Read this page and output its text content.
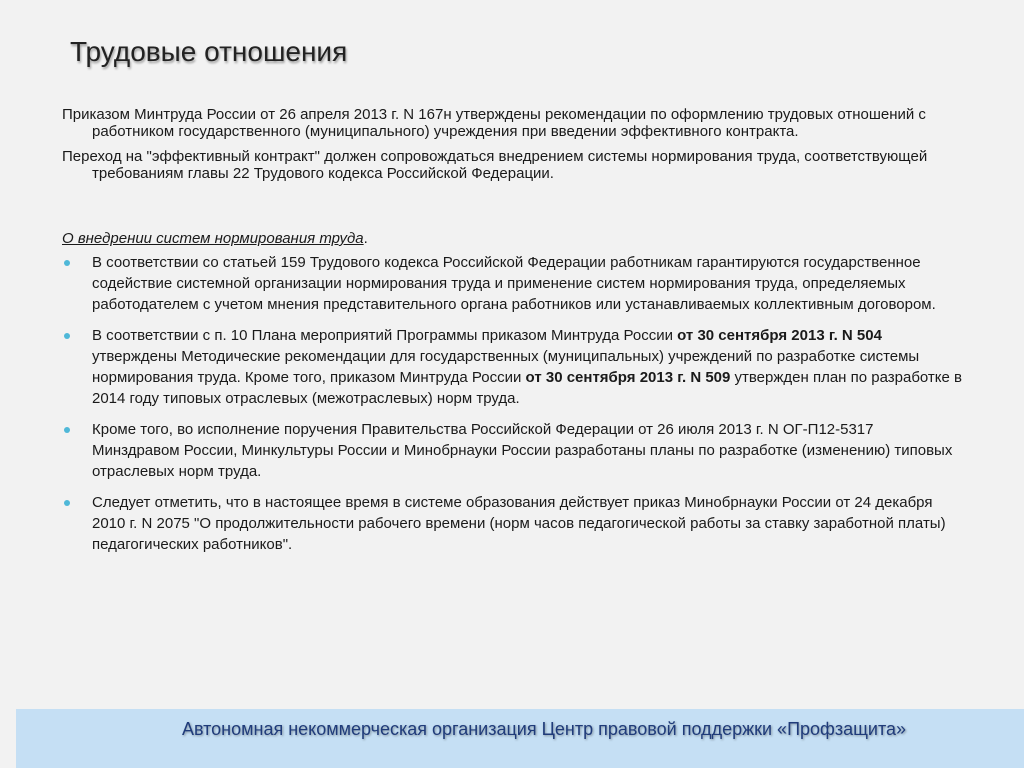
Трудовые отношения

Приказом Минтруда России от 26 апреля 2013 г. N 167н утверждены рекомендации по оформлению трудовых отношений с работником государственного (муниципального) учреждения при введении эффективного контракта.

Переход на "эффективный контракт" должен сопровождаться внедрением системы нормирования труда, соответствующей требованиям главы 22 Трудового кодекса Российской Федерации.

О внедрении систем нормирования труда.

В соответствии со статьей 159 Трудового кодекса Российской Федерации работникам гарантируются государственное содействие системной организации нормирования труда и применение систем нормирования труда, определяемых работодателем с учетом мнения представительного органа работников или устанавливаемых коллективным договором.
В соответствии с п. 10 Плана мероприятий Программы приказом Минтруда России от 30 сентября 2013 г. N 504 утверждены Методические рекомендации для государственных (муниципальных) учреждений по разработке системы нормирования труда. Кроме того, приказом Минтруда России от 30 сентября 2013 г. N 509 утвержден план по разработке в 2014 году типовых отраслевых (межотраслевых) норм труда.
Кроме того, во исполнение поручения Правительства Российской Федерации от 26 июля 2013 г. N ОГ-П12-5317 Минздравом России, Минкультуры России и Минобрнауки России разработаны планы по разработке (изменению) типовых отраслевых норм труда.
Следует отметить, что в настоящее время в системе образования действует приказ Минобрнауки России от 24 декабря 2010 г. N 2075 "О продолжительности рабочего времени (норм часов педагогической работы за ставку заработной платы) педагогических работников".
Автономная некоммерческая организация Центр правовой поддержки «Профзащита»
